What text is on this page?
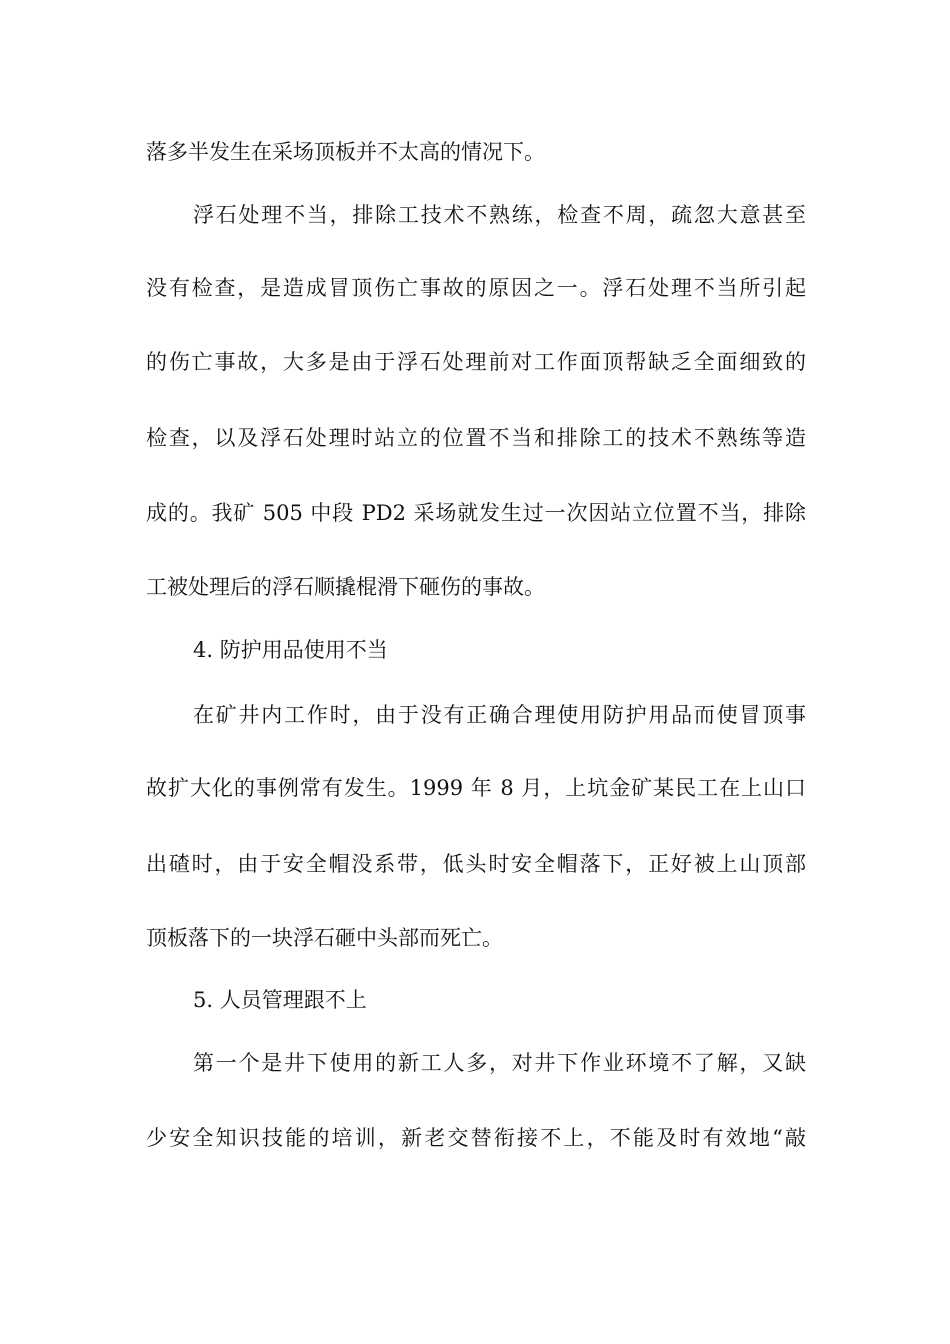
落多半发生在采场顶板并不太高的情况下。
浮石处理不当，排除工技术不熟练，检查不周，疏忽大意甚至
没有检查，是造成冒顶伤亡事故的原因之一。浮石处理不当所引起
的伤亡事故，大多是由于浮石处理前对工作面顶帮缺乏全面细致的
检查，以及浮石处理时站立的位置不当和排除工的技术不熟练等造
成的。我矿 505 中段 PD2 采场就发生过一次因站立位置不当，排除
工被处理后的浮石顺撬棍滑下砸伤的事故。
4. 防护用品使用不当
在矿井内工作时，由于没有正确合理使用防护用品而使冒顶事
故扩大化的事例常有发生。1999 年 8 月，上坑金矿某民工在上山口
出碴时，由于安全帽没系带，低头时安全帽落下，正好被上山顶部
顶板落下的一块浮石砸中头部而死亡。
5. 人员管理跟不上
第一个是井下使用的新工人多，对井下作业环境不了解，又缺
少安全知识技能的培训，新老交替衔接不上，不能及时有效地“敲
